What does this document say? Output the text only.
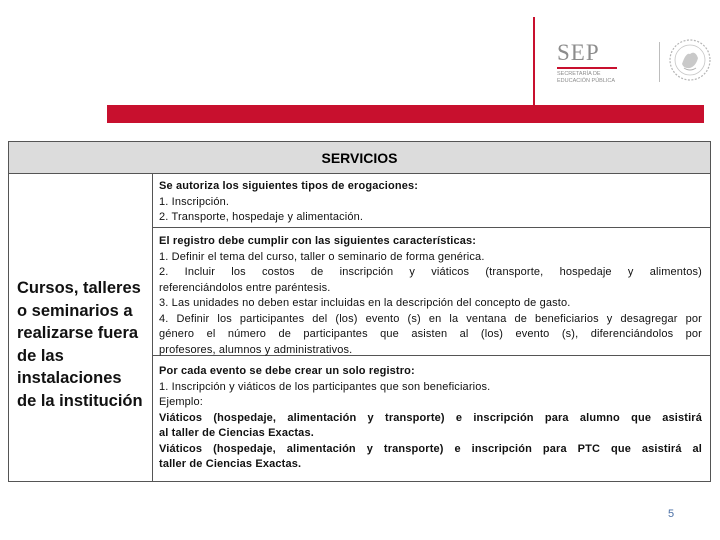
SEP
SECRETARÍA DE
EDUCACIÓN PÚBLICA
SERVICIOS
Cursos, talleres o seminarios a realizarse fuera de las instalaciones de la institución
Se autoriza los siguientes tipos de erogaciones:
1. Inscripción.
2. Transporte, hospedaje y alimentación.
El registro debe cumplir con las siguientes características:
1. Definir el tema del curso, taller o seminario de forma genérica.
2. Incluir los costos de inscripción y viáticos (transporte, hospedaje y alimentos)
referenciándolos entre paréntesis.
3. Las unidades no deben estar incluidas en la descripción del concepto de gasto.
4. Definir los participantes del (los) evento (s) en la ventana de beneficiarios y desagregar por
género el número de participantes que asisten al (los) evento (s), diferenciándolos por
profesores, alumnos y administrativos.
Por cada evento se debe crear un solo registro:
1. Inscripción y viáticos de los participantes que son beneficiarios.
Ejemplo:
Viáticos (hospedaje, alimentación y transporte) e inscripción para alumno que asistirá
al taller de Ciencias Exactas.
Viáticos (hospedaje, alimentación y transporte) e inscripción para PTC que asistirá al
taller de Ciencias Exactas.
5
